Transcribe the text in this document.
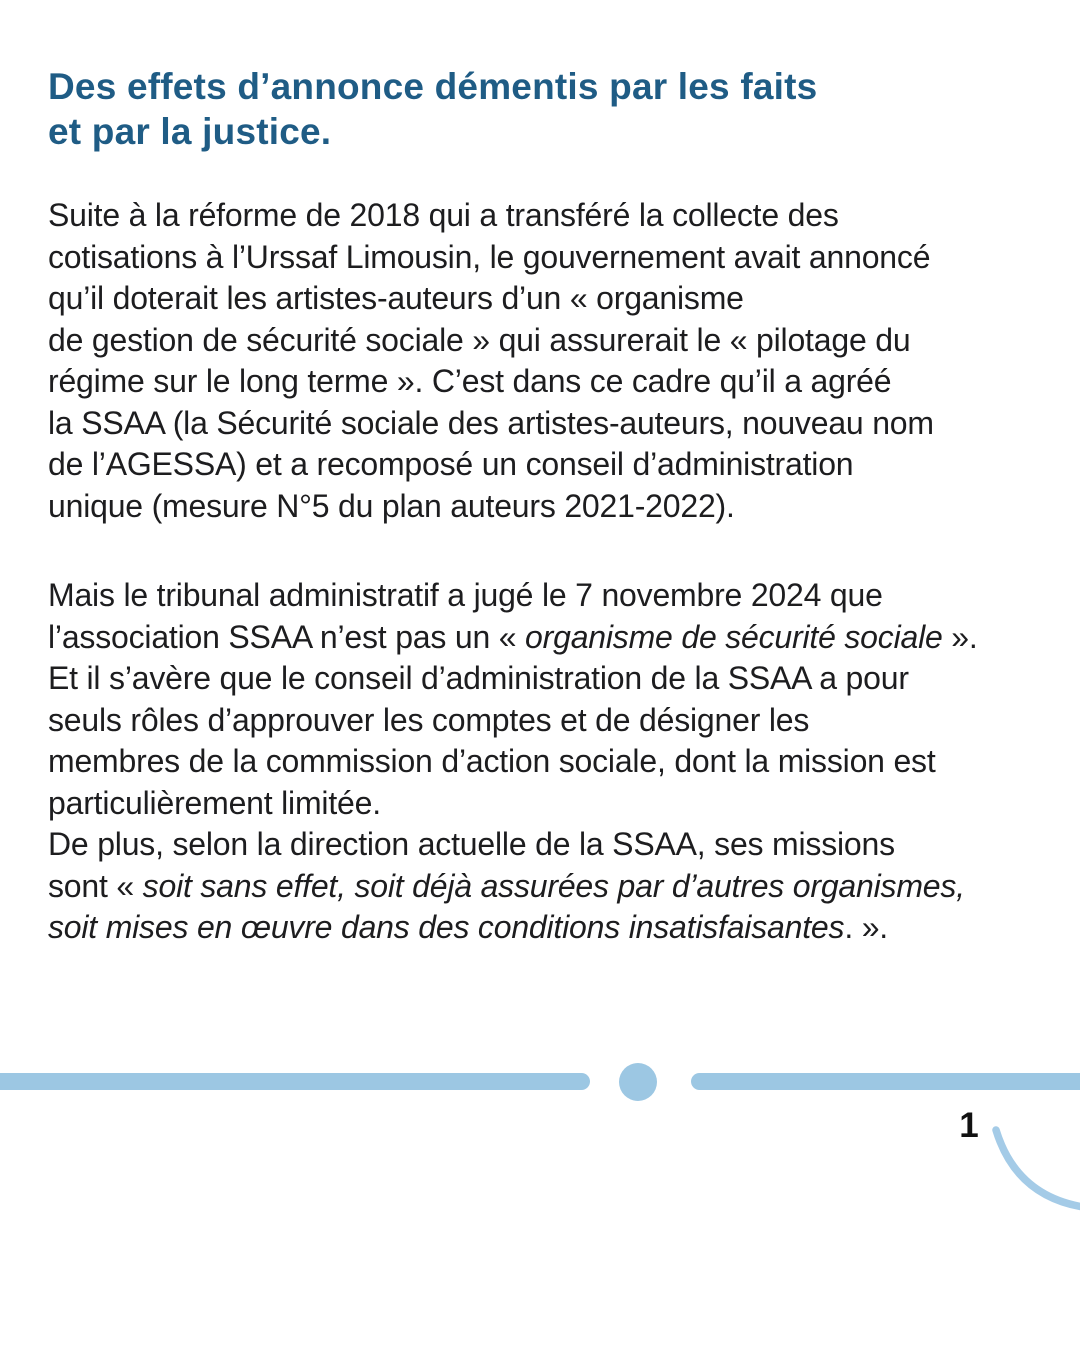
Des effets d’annonce démentis par les faits
et par la justice.

Suite à la réforme de 2018 qui a transféré la collecte des
cotisations à l’Urssaf Limousin, le gouvernement avait annoncé
qu’il doterait les artistes-auteurs d’un « organisme
de gestion de sécurité sociale » qui assurerait le « pilotage du
régime sur le long terme ». C’est dans ce cadre qu’il a agréé
la SSAA (la Sécurité sociale des artistes-auteurs, nouveau nom
de l’AGESSA) et a recomposé un conseil d’administration
unique (mesure N°5 du plan auteurs 2021-2022).

Mais le tribunal administratif a jugé le 7 novembre 2024 que
l’association SSAA n’est pas un « organisme de sécurité sociale ».
Et il s’avère que le conseil d’administration de la SSAA a pour
seuls rôles d’approuver les comptes et de désigner les
membres de la commission d’action sociale, dont la mission est
particulièrement limitée.
De plus, selon la direction actuelle de la SSAA, ses missions
sont « soit sans effet, soit déjà assurées par d’autres organismes,
soit mises en œuvre dans des conditions insatisfaisantes. ».

1
